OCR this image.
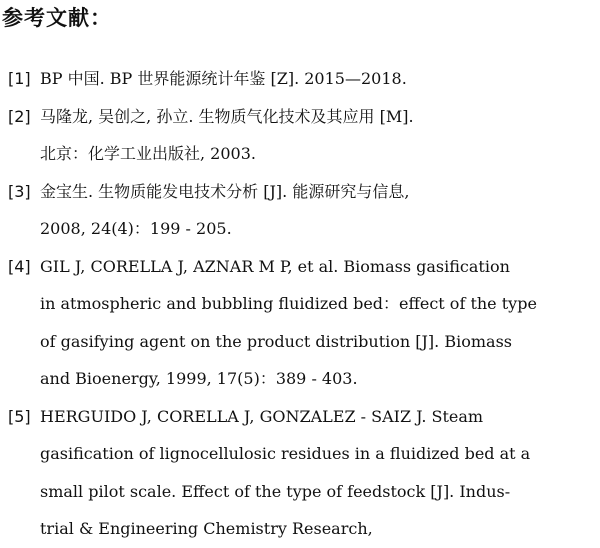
参考文献：
[1] BP 中国. BP 世界能源统计年鉴 [Z]. 2015—2018.
[2] 马隆龙, 吴创之, 孙立. 生物质气化技术及其应用 [M].
北京：化学工业出版社, 2003.
[3] 金宝生. 生物质能发电技术分析 [J]. 能源研究与信息,
2008, 24(4)：199 - 205.
[4] GIL J, CORELLA J, AZNAR M P, et al. Biomass gasification
in atmospheric and bubbling fluidized bed：effect of the type
of gasifying agent on the product distribution [J]. Biomass
and Bioenergy, 1999, 17(5)：389 - 403.
[5] HERGUIDO J, CORELLA J, GONZALEZ - SAIZ J. Steam
gasification of lignocellulosic residues in a fluidized bed at a
small pilot scale. Effect of the type of feedstock [J]. Indus-
trial & Engineering Chemistry Research,
